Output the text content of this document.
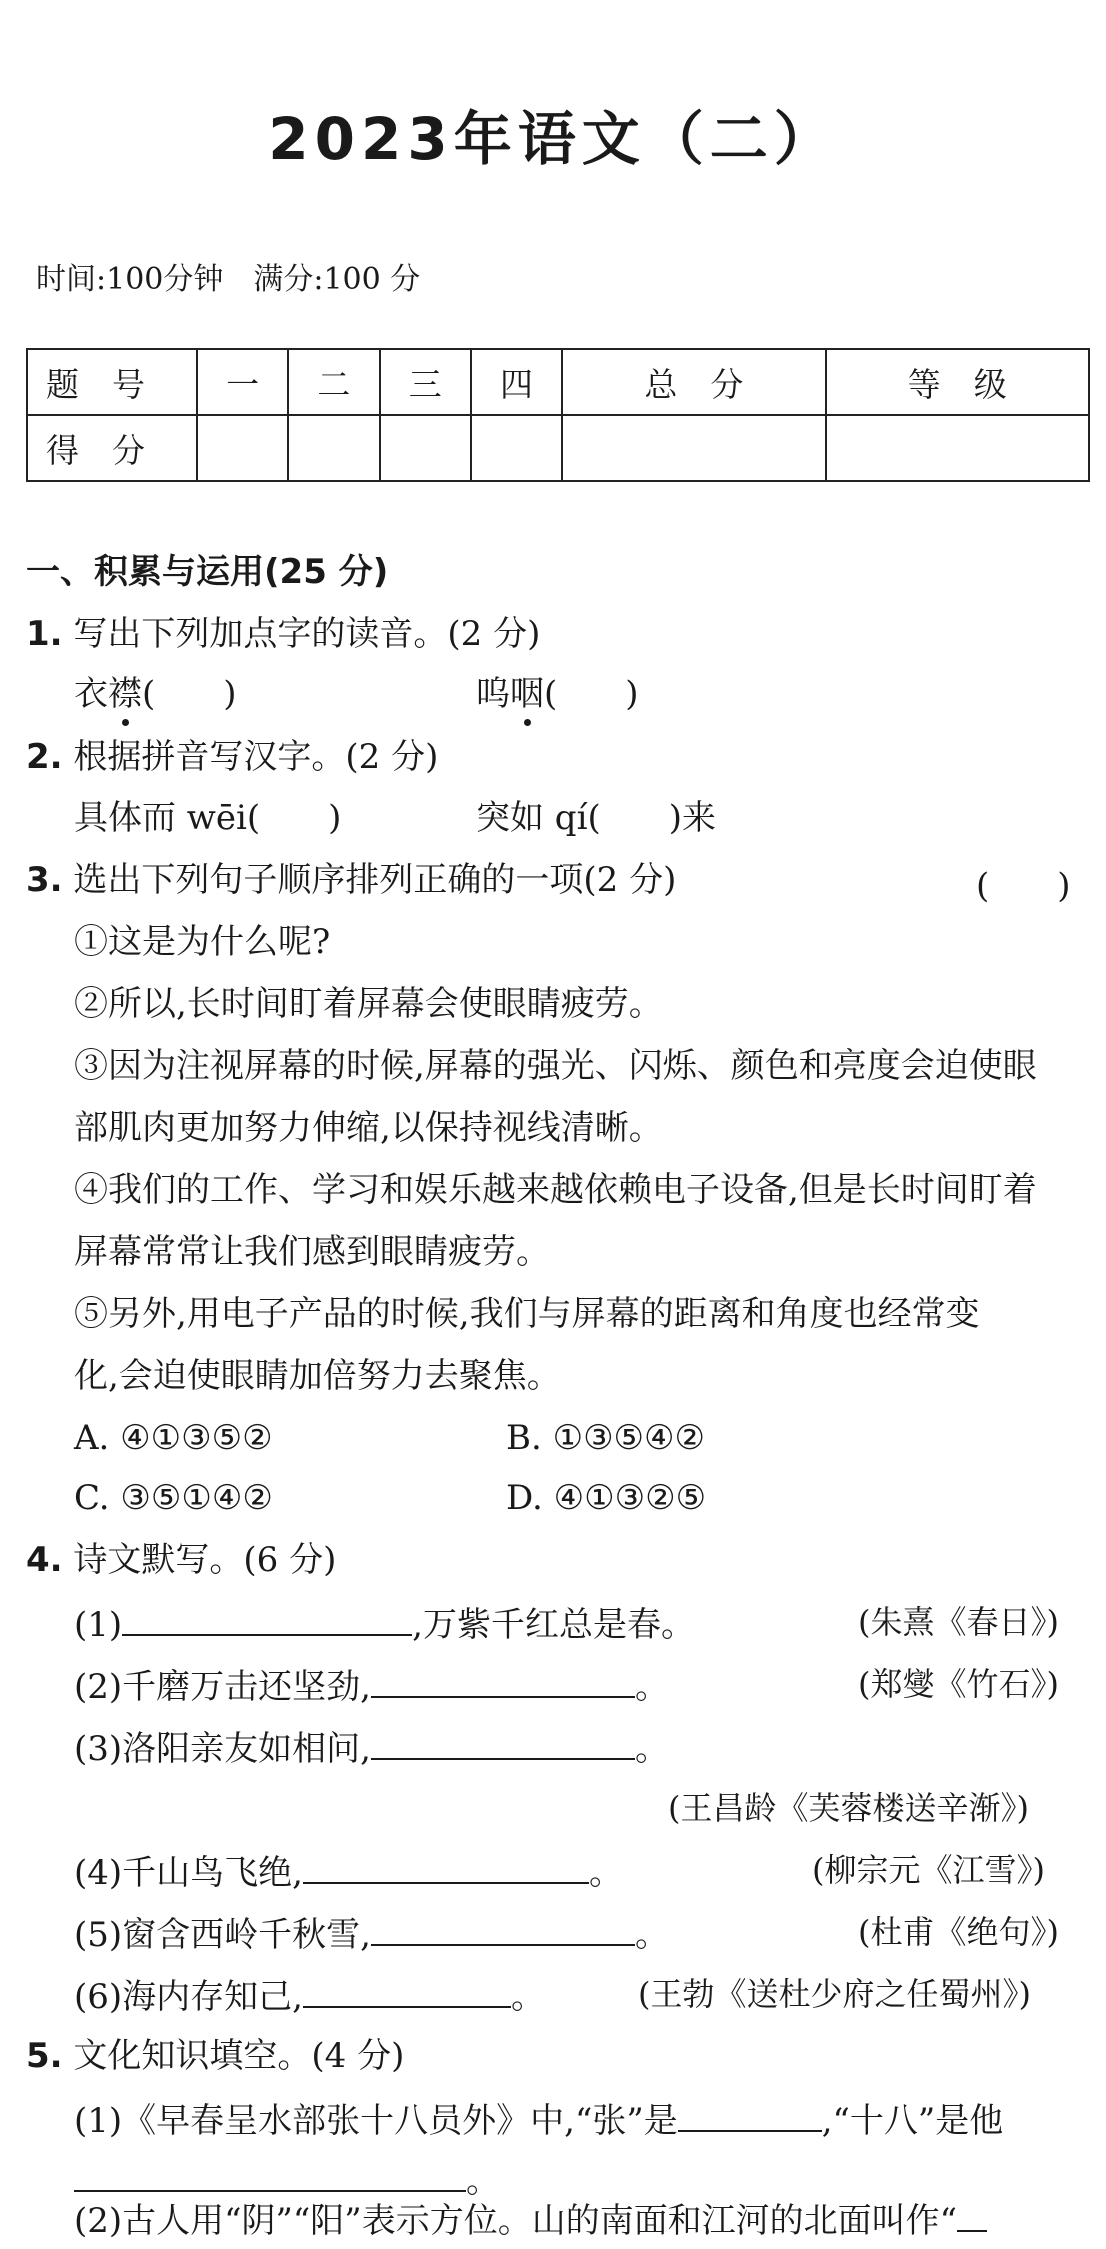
2023年语文（二）
时间:100分钟　满分:100 分
题　号	一	二	三	四	总　分	等　级
得　分						
一、积累与运用(25 分)
1. 写出下列加点字的读音。(2 分)
衣襟(　　)	呜咽(　　)
2. 根据拼音写汉字。(2 分)
具体而 wēi(　　)	突如 qí(　　)来
3. 选出下列句子顺序排列正确的一项(2 分)	(　　)
①这是为什么呢?
②所以,长时间盯着屏幕会使眼睛疲劳。
③因为注视屏幕的时候,屏幕的强光、闪烁、颜色和亮度会迫使眼
部肌肉更加努力伸缩,以保持视线清晰。
④我们的工作、学习和娱乐越来越依赖电子设备,但是长时间盯着
屏幕常常让我们感到眼睛疲劳。
⑤另外,用电子产品的时候,我们与屏幕的距离和角度也经常变
化,会迫使眼睛加倍努力去聚焦。
A. ④①③⑤②	B. ①③⑤④②
C. ③⑤①④②	D. ④①③②⑤
4. 诗文默写。(6 分)
(1)	,万紫千红总是春。	(朱熹《春日》)
(2)千磨万击还坚劲,	。	(郑燮《竹石》)
(3)洛阳亲友如相问,	。
(王昌龄《芙蓉楼送辛渐》)
(4)千山鸟飞绝,	。	(柳宗元《江雪》)
(5)窗含西岭千秋雪,	。	(杜甫《绝句》)
(6)海内存知己,	。	(王勃《送杜少府之任蜀州》)
5. 文化知识填空。(4 分)
(1)《早春呈水部张十八员外》中,“张”是	,“十八”是他
。
(2)古人用“阴”“阳”表示方位。山的南面和江河的北面叫作“
